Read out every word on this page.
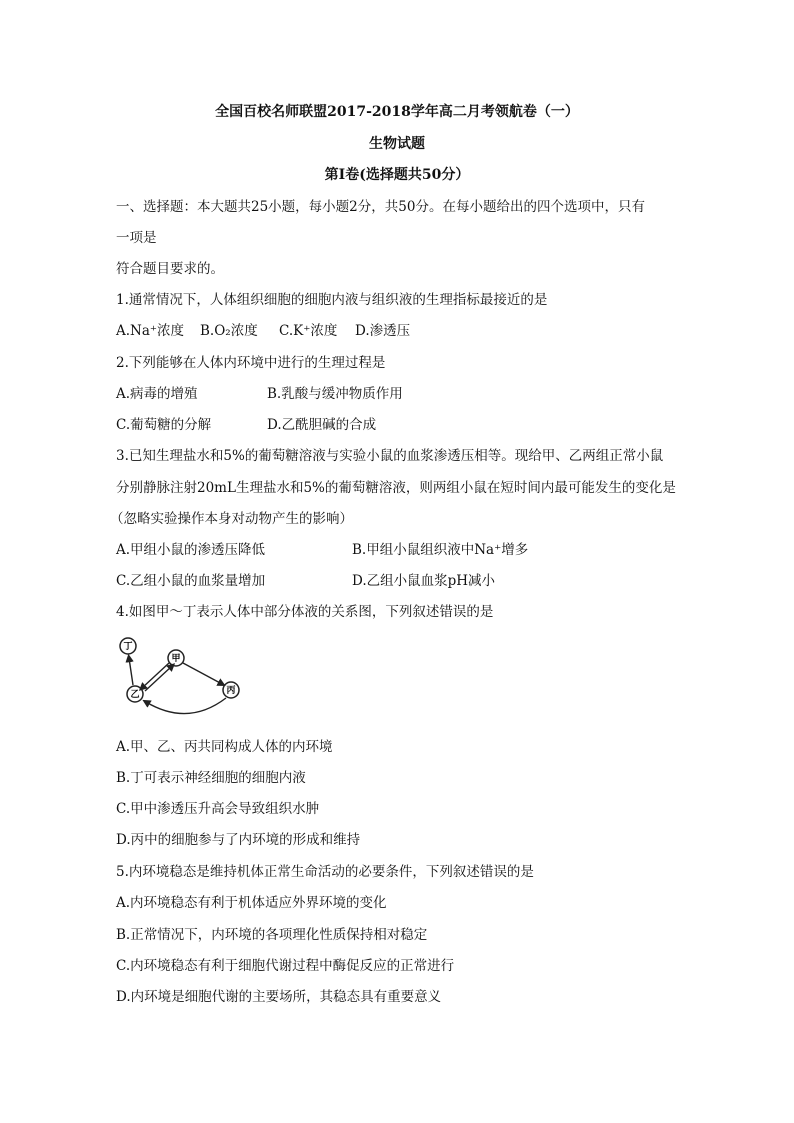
全国百校名师联盟2017-2018学年高二月考领航卷（一）
生物试题
第Ⅰ卷(选择题共50分）
一、选择题：本大题共25小题，每小题2分，共50分。在每小题给出的四个选项中，只有
一项是
符合题目要求的。
1.通常情况下，人体组织细胞的细胞内液与组织液的生理指标最接近的是
A.Na⁺浓度 B.O₂浓度 C.K⁺浓度 D.渗透压
2.下列能够在人体内环境中进行的生理过程是
A.病毒的增殖	B.乳酸与缓冲物质作用
C.葡萄糖的分解	D.乙酰胆碱的合成
3.已知生理盐水和5%的葡萄糖溶液与实验小鼠的血浆渗透压相等。现给甲、乙两组正常小鼠
分别静脉注射20mL生理盐水和5%的葡萄糖溶液，则两组小鼠在短时间内最可能发生的变化是
（忽略实验操作本身对动物产生的影响）
A.甲组小鼠的渗透压降低	B.甲组小鼠组织液中Na⁺增多
C.乙组小鼠的血浆量增加	D.乙组小鼠血浆pH减小
4.如图甲～丁表示人体中部分体液的关系图，下列叙述错误的是
丁
甲
乙	丙
A.甲、乙、丙共同构成人体的内环境
B.丁可表示神经细胞的细胞内液
C.甲中渗透压升高会导致组织水肿
D.丙中的细胞参与了内环境的形成和维持
5.内环境稳态是维持机体正常生命活动的必要条件，下列叙述错误的是
A.内环境稳态有利于机体适应外界环境的变化
B.正常情况下，内环境的各项理化性质保持相对稳定
C.内环境稳态有利于细胞代谢过程中酶促反应的正常进行
D.内环境是细胞代谢的主要场所，其稳态具有重要意义
